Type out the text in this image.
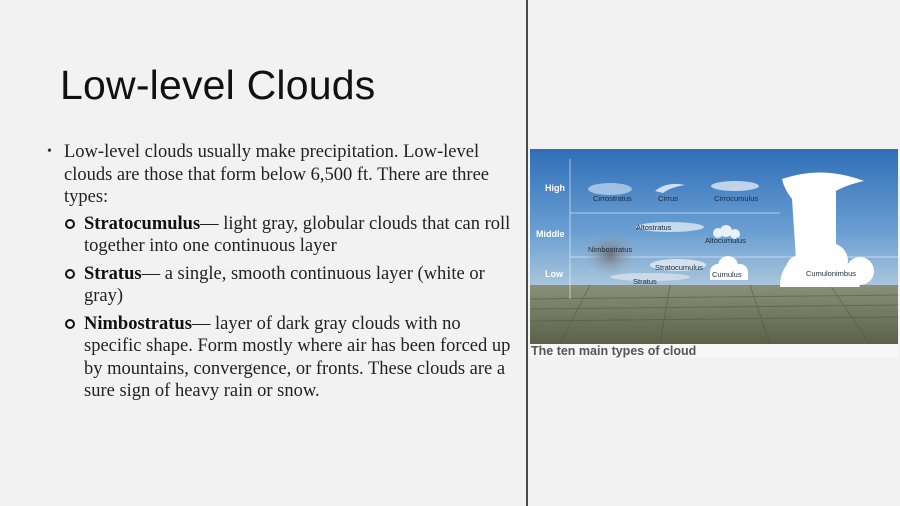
Low-level Clouds
• Low-level clouds usually make precipitation. Low-level clouds are those that form below 6,500 ft. There are three types:
Stratocumulus— light gray, globular clouds that can roll together into one continuous layer
Stratus— a single, smooth continuous layer (white or gray)
Nimbostratus— layer of dark gray clouds with no specific shape. Form mostly where air has been forced up by mountains, convergence, or fronts. These clouds are a sure sign of heavy rain or snow.
High
Middle
Low
Cirrostratus	Cirrus	Cirrocumulus
Altostratus
Altocumulus
Nimbostratus
Stratocumulus
Cumulus
Stratus
Cumulonimbus
The ten main types of cloud
